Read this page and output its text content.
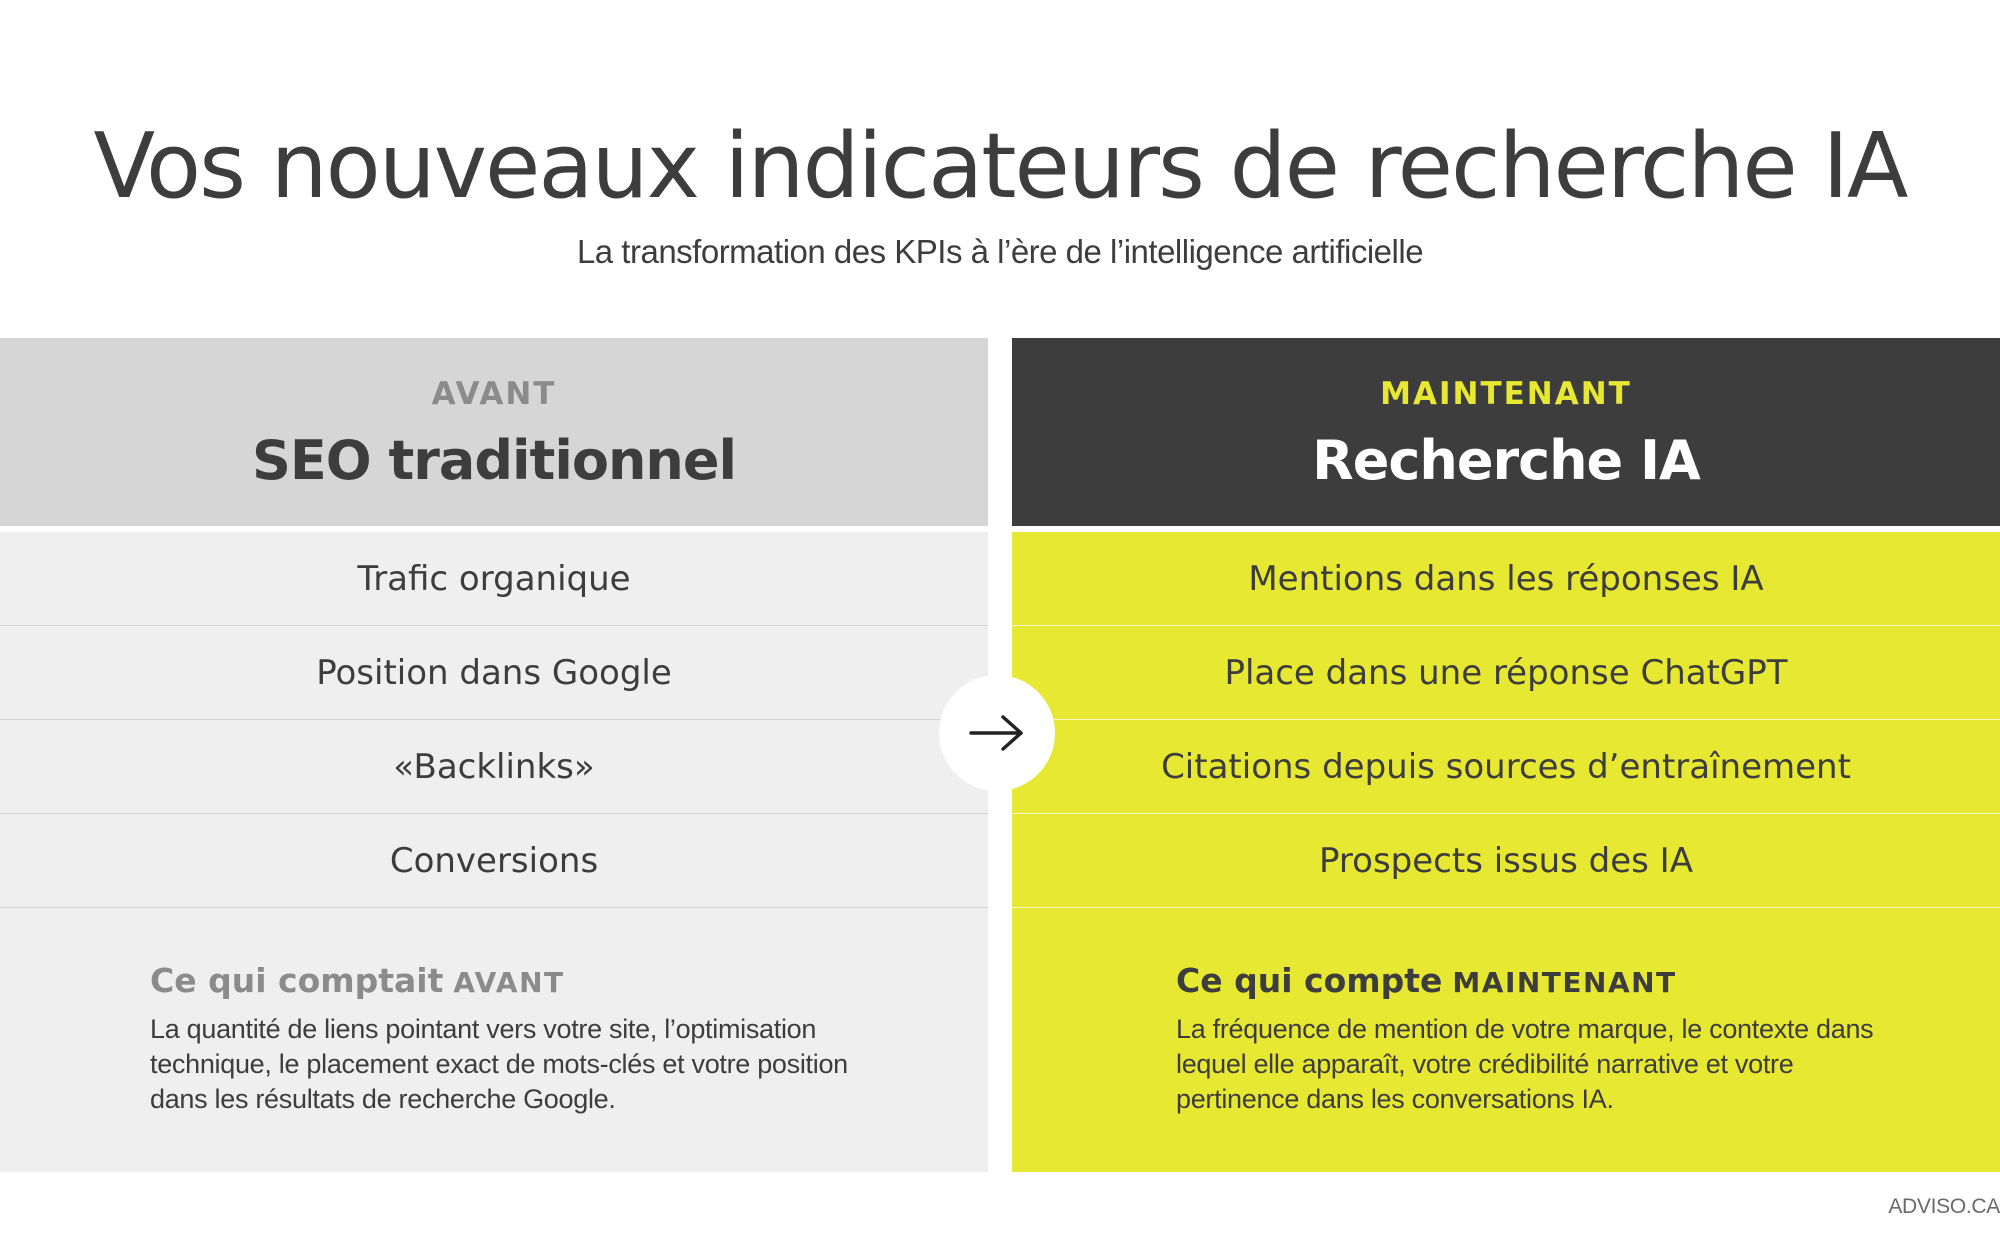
Vos nouveaux indicateurs de recherche IA
La transformation des KPIs à l’ère de l’intelligence artificielle
AVANT
SEO traditionnel
Trafic organique
Position dans Google
«Backlinks»
Conversions
Ce qui comptait AVANT
La quantité de liens pointant vers votre site, l’optimisation technique, le placement exact de mots-clés et votre position dans les résultats de recherche Google.
MAINTENANT
Recherche IA
Mentions dans les réponses IA
Place dans une réponse ChatGPT
Citations depuis sources d’entraînement
Prospects issus des IA
Ce qui compte MAINTENANT
La fréquence de mention de votre marque, le contexte dans lequel elle apparaît, votre crédibilité narrative et votre pertinence dans les conversations IA.
ADVISO.CA
